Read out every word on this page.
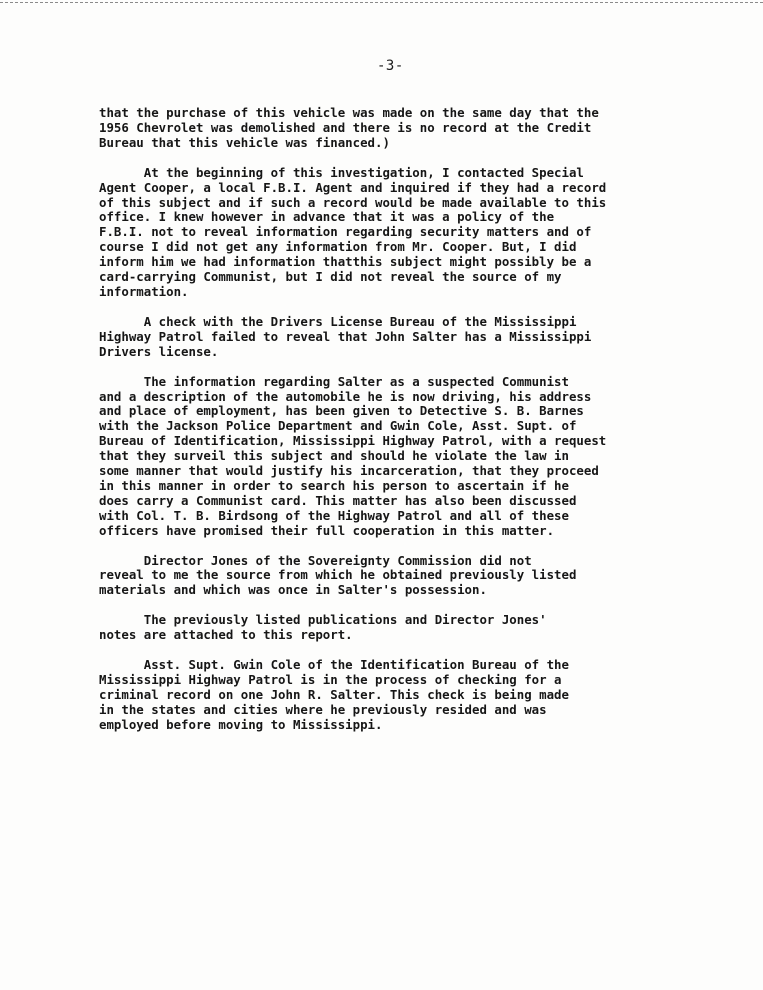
-3-

that the purchase of this vehicle was made on the same day that the
1956 Chevrolet was demolished and there is no record at the Credit
Bureau that this vehicle was financed.)

At the beginning of this investigation, I contacted Special
Agent Cooper, a local F.B.I. Agent and inquired if they had a record
of this subject and if such a record would be made available to this
office. I knew however in advance that it was a policy of the
F.B.I. not to reveal information regarding security matters and of
course I did not get any information from Mr. Cooper. But, I did
inform him we had information thatthis subject might possibly be a
card-carrying Communist, but I did not reveal the source of my
information.

A check with the Drivers License Bureau of the Mississippi
Highway Patrol failed to reveal that John Salter has a Mississippi
Drivers license.

The information regarding Salter as a suspected Communist
and a description of the automobile he is now driving, his address
and place of employment, has been given to Detective S. B. Barnes
with the Jackson Police Department and Gwin Cole, Asst. Supt. of
Bureau of Identification, Mississippi Highway Patrol, with a request
that they surveil this subject and should he violate the law in
some manner that would justify his incarceration, that they proceed
in this manner in order to search his person to ascertain if he
does carry a Communist card. This matter has also been discussed
with Col. T. B. Birdsong of the Highway Patrol and all of these
officers have promised their full cooperation in this matter.

Director Jones of the Sovereignty Commission did not
reveal to me the source from which he obtained previously listed
materials and which was once in Salter's possession.

The previously listed publications and Director Jones'
notes are attached to this report.

Asst. Supt. Gwin Cole of the Identification Bureau of the
Mississippi Highway Patrol is in the process of checking for a
criminal record on one John R. Salter. This check is being made
in the states and cities where he previously resided and was
employed before moving to Mississippi.
